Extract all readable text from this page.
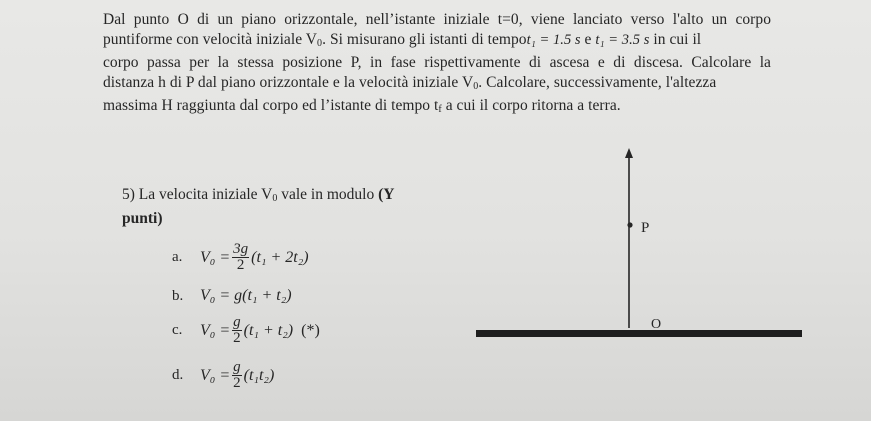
Dal punto O di un piano orizzontale, nell’istante iniziale t=0, viene lanciato verso l'alto un corpo
puntiforme con velocità iniziale V0. Si misurano gli istanti di tempot₁ = 1.5 s e t₁ = 3.5 s in cui il
corpo passa per la stessa posizione P, in fase rispettivamente di ascesa e di discesa. Calcolare la
distanza h di P dal piano orizzontale e la velocità iniziale V0. Calcolare, successivamente, l'altezza
massima H raggiunta dal corpo ed l’istante di tempo tf a cui il corpo ritorna a terra.
5) La velocita iniziale V0 vale in modulo (Y
punti)
a.	$V_0 = \frac{3g}{2} (t_1 + 2t_2)$
b.	V₀ =
g(t₁ + t₂)
c.	$V_0 = \frac{g}{2} (t_1 + t_2)$ (*)
d.	$V_0 = \frac{g}{2} (t_1t_2)$
P
O
